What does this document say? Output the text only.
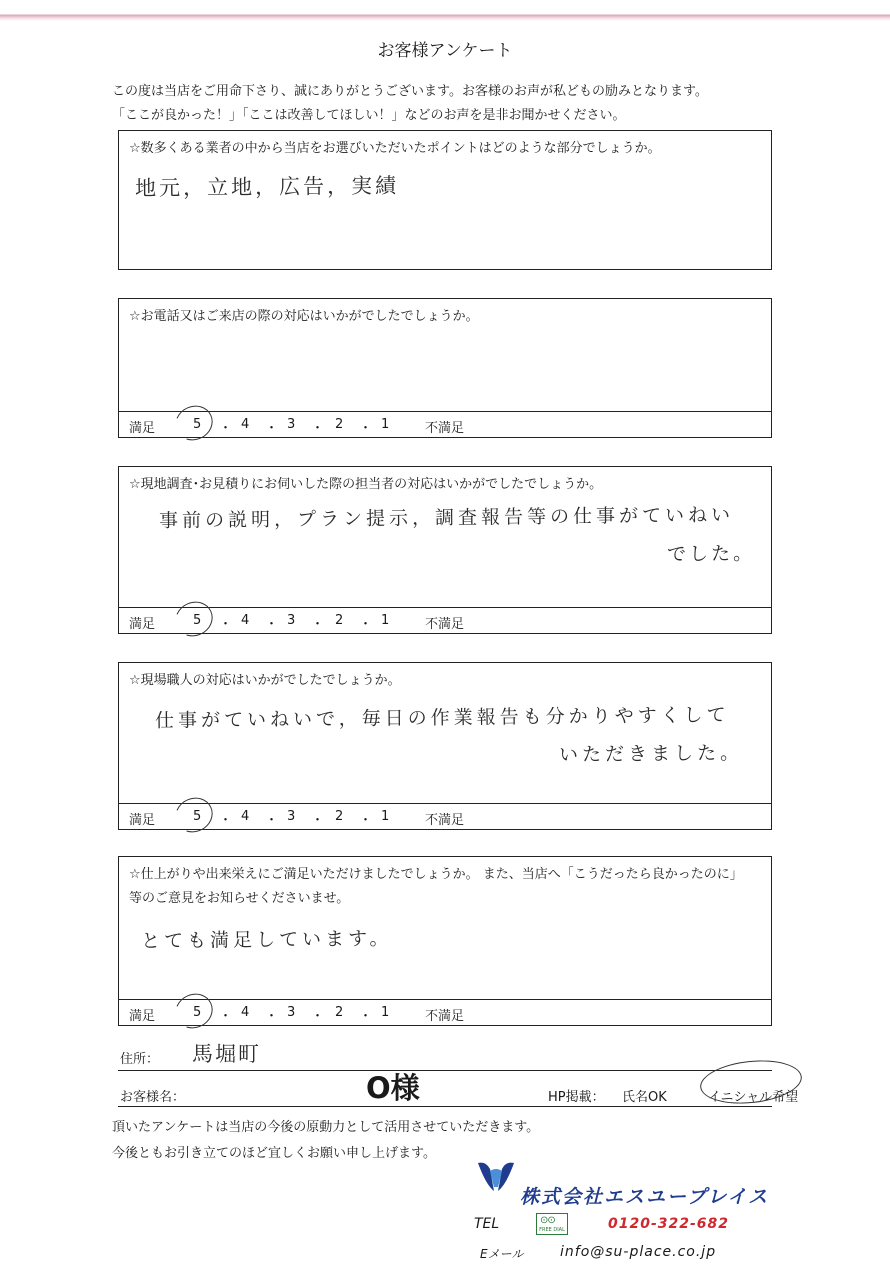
お客様アンケート
この度は当店をご用命下さり、誠にありがとうございます。お客様のお声が私どもの励みとなります。
「ここが良かった！」「ここは改善してほしい！」などのお声を是非お聞かせください。
☆数多くある業者の中から当店をお選びいただいたポイントはどのような部分でしょうか。
地元，立地，広告，実績
☆お電話又はご来店の際の対応はいかがでしたでしょうか。
満足	5 ・ 4 ・ 3 ・ 2 ・ 1	不満足
☆現地調査･お見積りにお伺いした際の担当者の対応はいかがでしたでしょうか。
事前の説明，プラン提示，調査報告等の仕事がていねい
でした。
満足	5 ・ 4 ・ 3 ・ 2 ・ 1	不満足
☆現場職人の対応はいかがでしたでしょうか。
仕事がていねいで，毎日の作業報告も分かりやすくして
いただきました。
満足	5 ・ 4 ・ 3 ・ 2 ・ 1	不満足
☆仕上がりや出来栄えにご満足いただけましたでしょうか。 また、当店へ「こうだったら良かったのに」
等のご意見をお知らせくださいませ。
とても満足しています。
満足	5 ・ 4 ・ 3 ・ 2 ・ 1	不満足
住所： 馬堀町
お客様名：	O様	HP掲載： 氏名OK	イニシャル希望
頂いたアンケートは当店の今後の原動力として活用させていただきます。
今後ともお引き立てのほど宜しくお願い申し上げます。
株式会社エスユープレイス
TEL	⊙⊙
FREE DIAL	0120-322-682
Eメール	info@su-place.co.jp
